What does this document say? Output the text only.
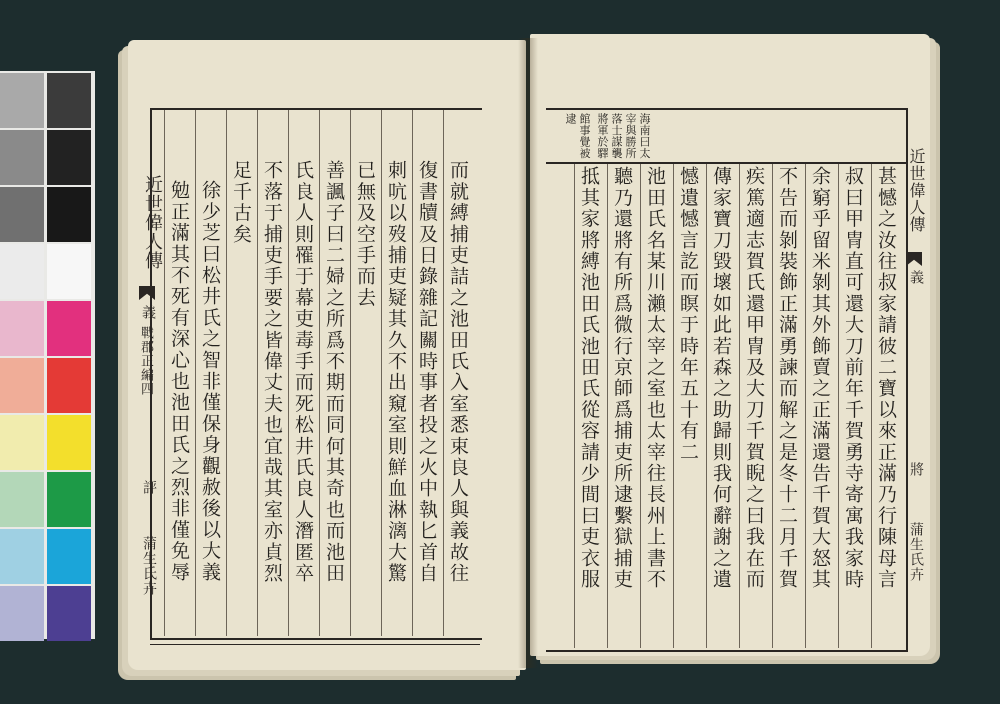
近世偉人傳
義
戰郡正編四
評
蒲生氏卉
近世偉人傳
義
將
蒲生氏卉
而就縛捕吏詰之池田氏入室悉束良人與義故往
復書牘及日錄雜記關時事者投之火中執匕首自
刺吭以歿捕吏疑其久不出窺室則鮮血淋漓大驚
已無及空手而去
善諷子曰二婦之所爲不期而同何其奇也而池田
氏良人則罹于幕吏毒手而死松井氏良人潛匿卒
不落于捕吏手要之皆偉丈夫也宜哉其室亦貞烈
足千古矣
徐少芝曰松井氏之智非僅保身觀赦後以大義
勉正滿其不死有深心也池田氏之烈非僅免辱
海南曰太
宰與勝所
落士謀襲
將軍於驛
館事覺被
逮
甚憾之汝往叔家請彼二寶以來正滿乃行陳母言
叔曰甲冑直可還大刀前年千賀勇寺寄寓我家時
余窮乎留米剝其外飾賣之正滿還告千賀大怒其
不告而剝裝飾正滿勇諫而解之是冬十二月千賀
疾篤適志賀氏還甲冑及大刀千賀睨之曰我在而
傳家寶刀毀壞如此若森之助歸則我何辭謝之遺
憾遺憾言訖而瞑于時年五十有二
池田氏名某川瀨太宰之室也太宰往長州上書不
聽乃還將有所爲微行京師爲捕吏所逮繫獄捕吏
抵其家將縛池田氏池田氏從容請少間曰吏衣服
